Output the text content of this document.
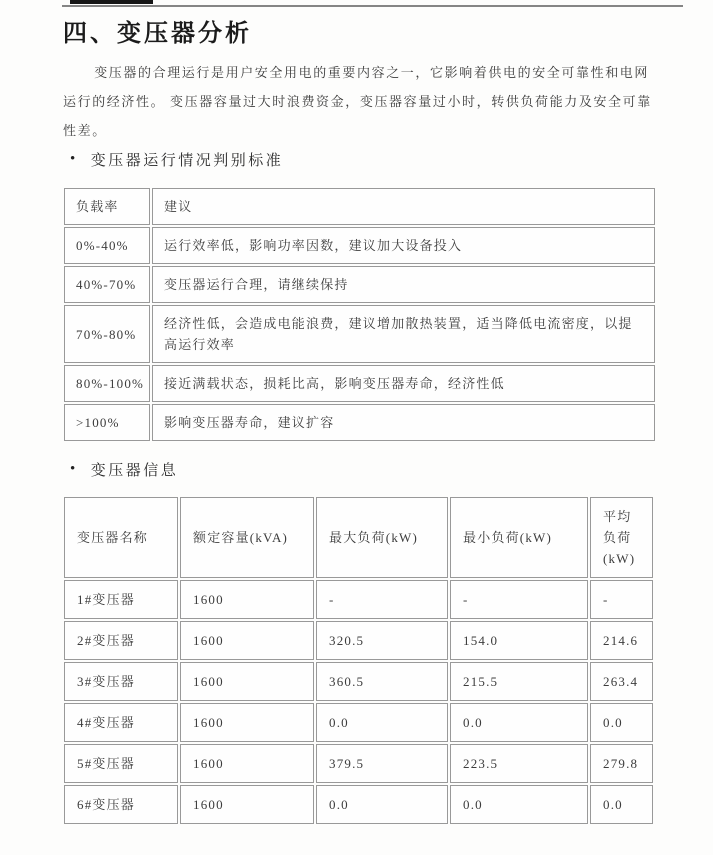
四、变压器分析

变压器的合理运行是用户安全用电的重要内容之一，它影响着供电的安全可靠性和电网运行的经济性。 变压器容量过大时浪费资金，变压器容量过小时，转供负荷能力及安全可靠性差。

• 变压器运行情况判别标准
负载率	建议
0%-40%	运行效率低，影响功率因数，建议加大设备投入
40%-70%	变压器运行合理，请继续保持
70%-80%	经济性低，会造成电能浪费，建议增加散热装置，适当降低电流密度，以提高运行效率
80%-100%	接近满载状态，损耗比高，影响变压器寿命，经济性低
>100%	影响变压器寿命，建议扩容
• 变压器信息
变压器名称	额定容量(kVA)	最大负荷(kW)	最小负荷(kW)	平均负荷(kW)
1#变压器	1600	-	-	-
2#变压器	1600	320.5	154.0	214.6
3#变压器	1600	360.5	215.5	263.4
4#变压器	1600	0.0	0.0	0.0
5#变压器	1600	379.5	223.5	279.8
6#变压器	1600	0.0	0.0	0.0
